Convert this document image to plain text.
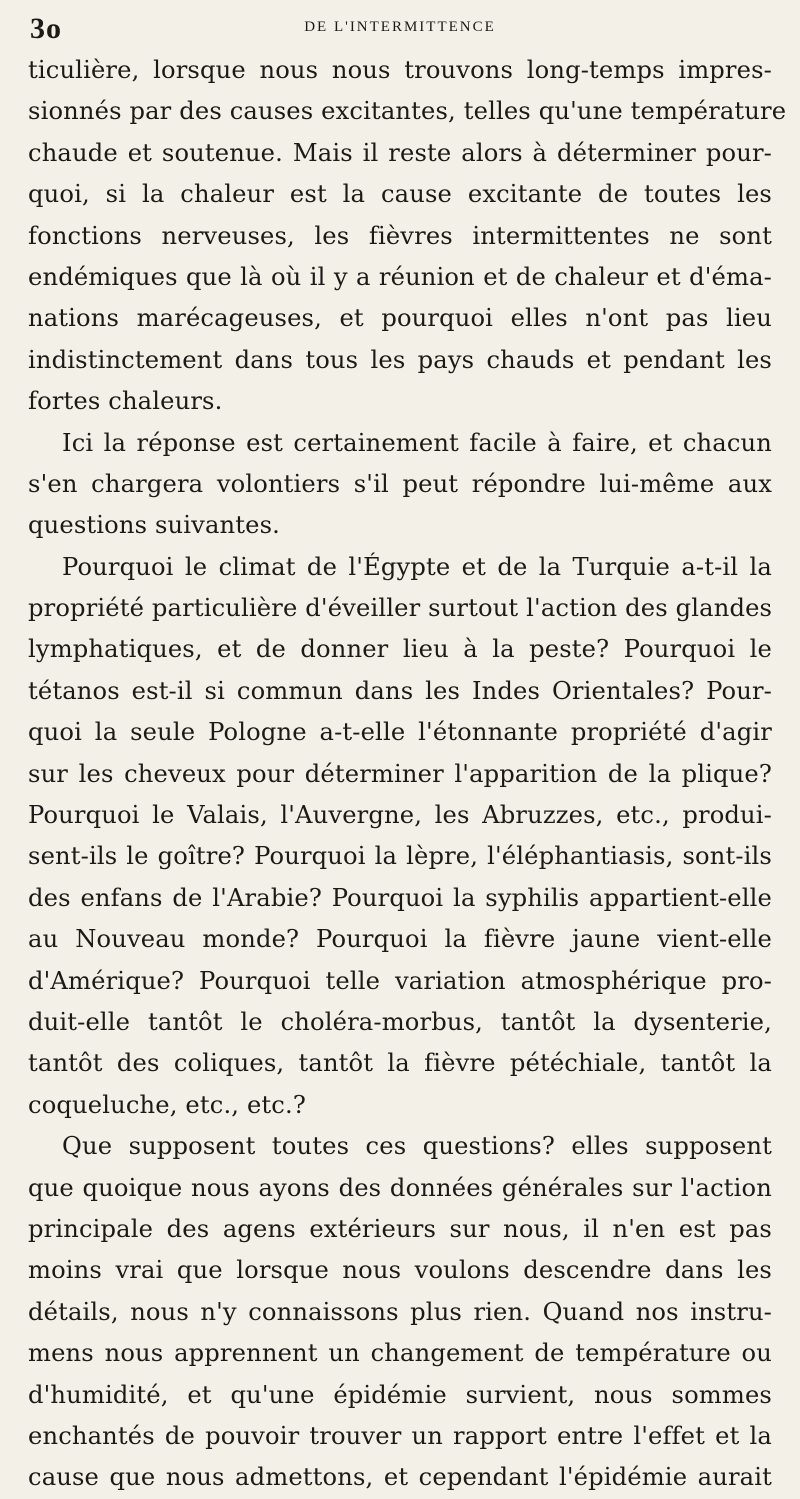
3o	DE L'INTERMITTENCE
ticulière, lorsque nous nous trouvons long-temps impres-
sionnés par des causes excitantes, telles qu'une température
chaude et soutenue. Mais il reste alors à déterminer pour-
quoi, si la chaleur est la cause excitante de toutes les
fonctions nerveuses, les fièvres intermittentes ne sont
endémiques que là où il y a réunion et de chaleur et d'éma-
nations marécageuses, et pourquoi elles n'ont pas lieu
indistinctement dans tous les pays chauds et pendant les
fortes chaleurs.
Ici la réponse est certainement facile à faire, et chacun
s'en chargera volontiers s'il peut répondre lui-même aux
questions suivantes.
Pourquoi le climat de l'Égypte et de la Turquie a-t-il la
propriété particulière d'éveiller surtout l'action des glandes
lymphatiques, et de donner lieu à la peste? Pourquoi le
tétanos est-il si commun dans les Indes Orientales? Pour-
quoi la seule Pologne a-t-elle l'étonnante propriété d'agir
sur les cheveux pour déterminer l'apparition de la plique?
Pourquoi le Valais, l'Auvergne, les Abruzzes, etc., produi-
sent-ils le goître? Pourquoi la lèpre, l'éléphantiasis, sont-ils
des enfans de l'Arabie? Pourquoi la syphilis appartient-elle
au Nouveau monde? Pourquoi la fièvre jaune vient-elle
d'Amérique? Pourquoi telle variation atmosphérique pro-
duit-elle tantôt le choléra-morbus, tantôt la dysenterie,
tantôt des coliques, tantôt la fièvre pétéchiale, tantôt la
coqueluche, etc., etc.?
Que supposent toutes ces questions? elles supposent
que quoique nous ayons des données générales sur l'action
principale des agens extérieurs sur nous, il n'en est pas
moins vrai que lorsque nous voulons descendre dans les
détails, nous n'y connaissons plus rien. Quand nos instru-
mens nous apprennent un changement de température ou
d'humidité, et qu'une épidémie survient, nous sommes
enchantés de pouvoir trouver un rapport entre l'effet et la
cause que nous admettons, et cependant l'épidémie aurait
